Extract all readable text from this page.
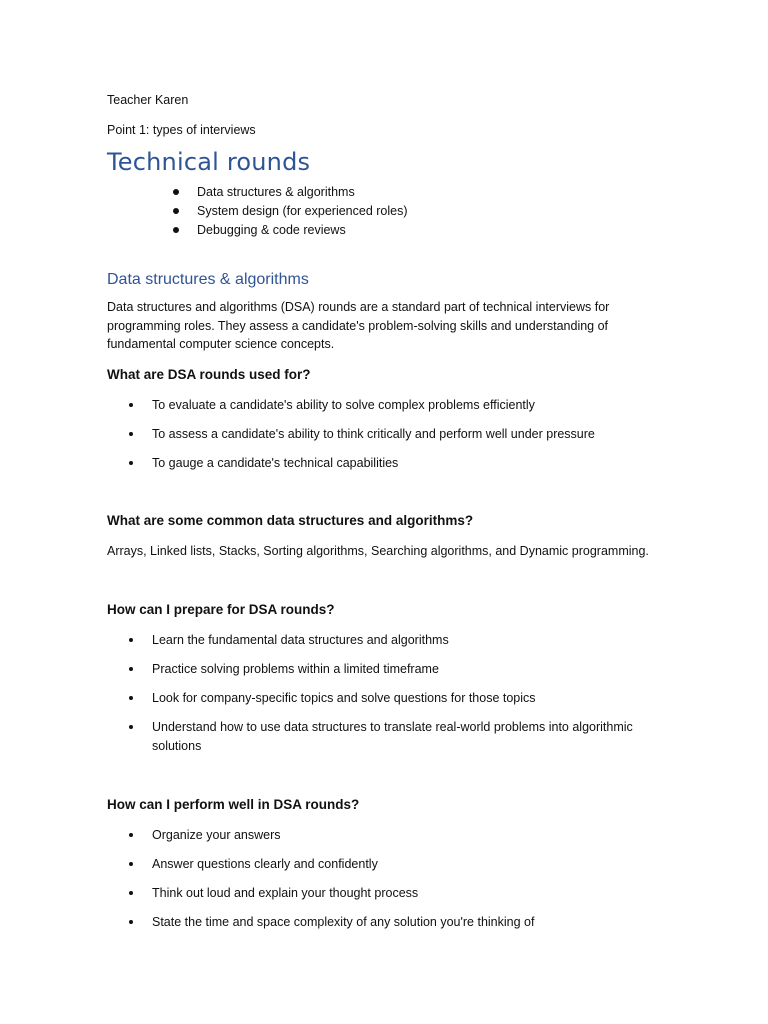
Teacher Karen

Point 1: types of interviews

Technical rounds
Data structures & algorithms
System design (for experienced roles)
Debugging & code reviews
Data structures & algorithms

Data structures and algorithms (DSA) rounds are a standard part of technical interviews for programming roles. They assess a candidate's problem-solving skills and understanding of fundamental computer science concepts.

What are DSA rounds used for?
To evaluate a candidate's ability to solve complex problems efficiently
To assess a candidate's ability to think critically and perform well under pressure
To gauge a candidate's technical capabilities
What are some common data structures and algorithms?

Arrays, Linked lists, Stacks, Sorting algorithms, Searching algorithms, and Dynamic programming.

How can I prepare for DSA rounds?
Learn the fundamental data structures and algorithms
Practice solving problems within a limited timeframe
Look for company-specific topics and solve questions for those topics
Understand how to use data structures to translate real-world problems into algorithmic solutions
How can I perform well in DSA rounds?
Organize your answers
Answer questions clearly and confidently
Think out loud and explain your thought process
State the time and space complexity of any solution you're thinking of
